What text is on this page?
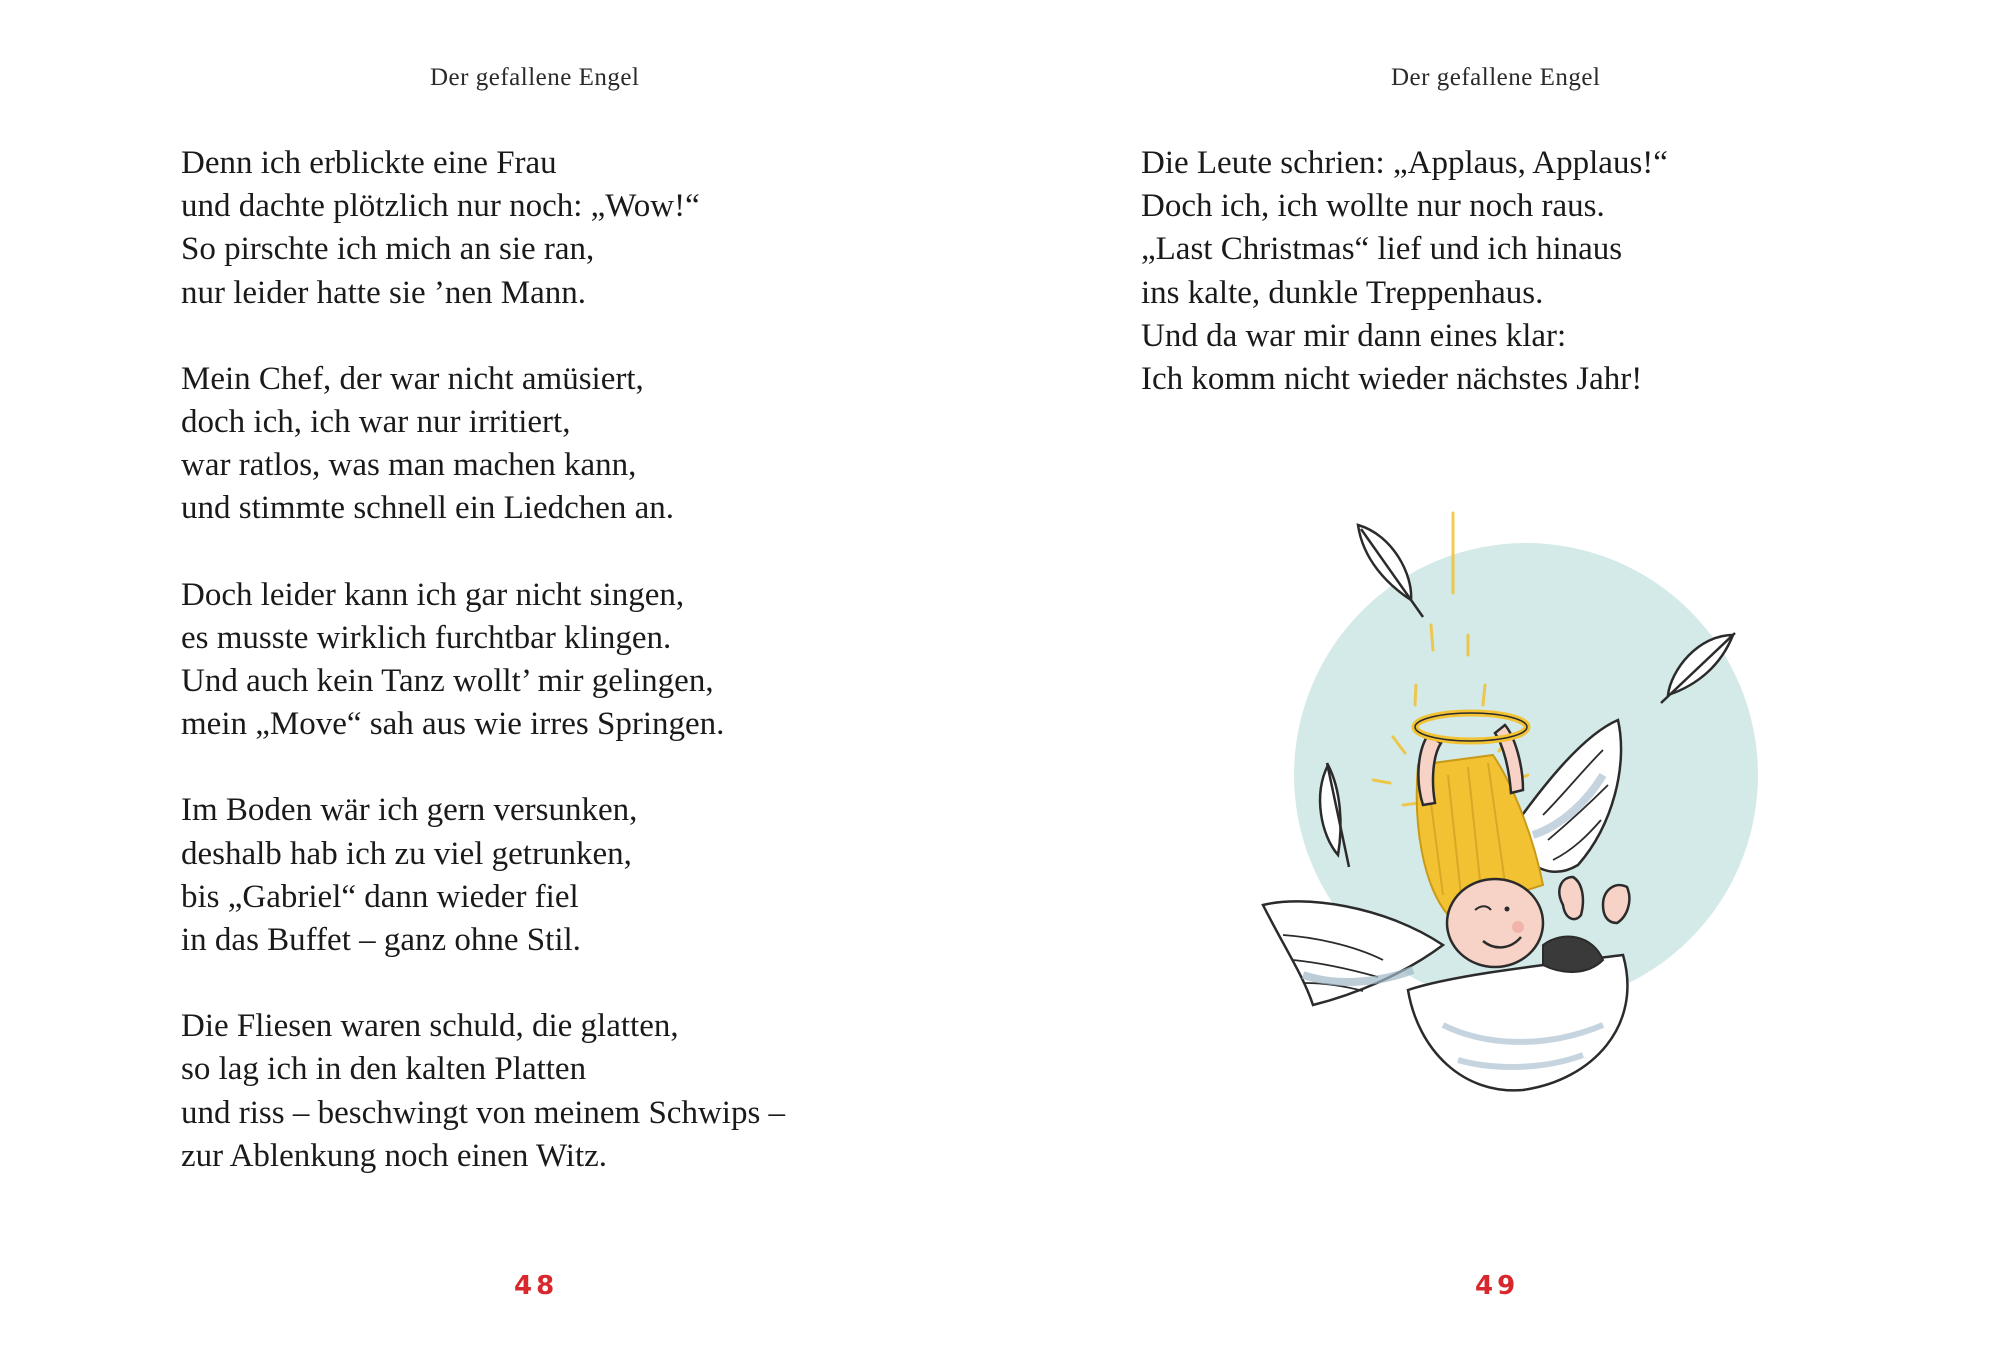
Der gefallene Engel
Denn ich erblickte eine Frau
und dachte plötzlich nur noch: „Wow!“
So pirschte ich mich an sie ran,
nur leider hatte sie ’nen Mann.
Mein Chef, der war nicht amüsiert,
doch ich, ich war nur irritiert,
war ratlos, was man machen kann,
und stimmte schnell ein Liedchen an.
Doch leider kann ich gar nicht singen,
es musste wirklich furchtbar klingen.
Und auch kein Tanz wollt’ mir gelingen,
mein „Move“ sah aus wie irres Springen.
Im Boden wär ich gern versunken,
deshalb hab ich zu viel getrunken,
bis „Gabriel“ dann wieder fiel
in das Buffet – ganz ohne Stil.
Die Fliesen waren schuld, die glatten,
so lag ich in den kalten Platten
und riss – beschwingt von meinem Schwips –
zur Ablenkung noch einen Witz.
48
Der gefallene Engel
Die Leute schrien: „Applaus, Applaus!“
Doch ich, ich wollte nur noch raus.
„Last Christmas“ lief und ich hinaus
ins kalte, dunkle Treppenhaus.
Und da war mir dann eines klar:
Ich komm nicht wieder nächstes Jahr!
49
